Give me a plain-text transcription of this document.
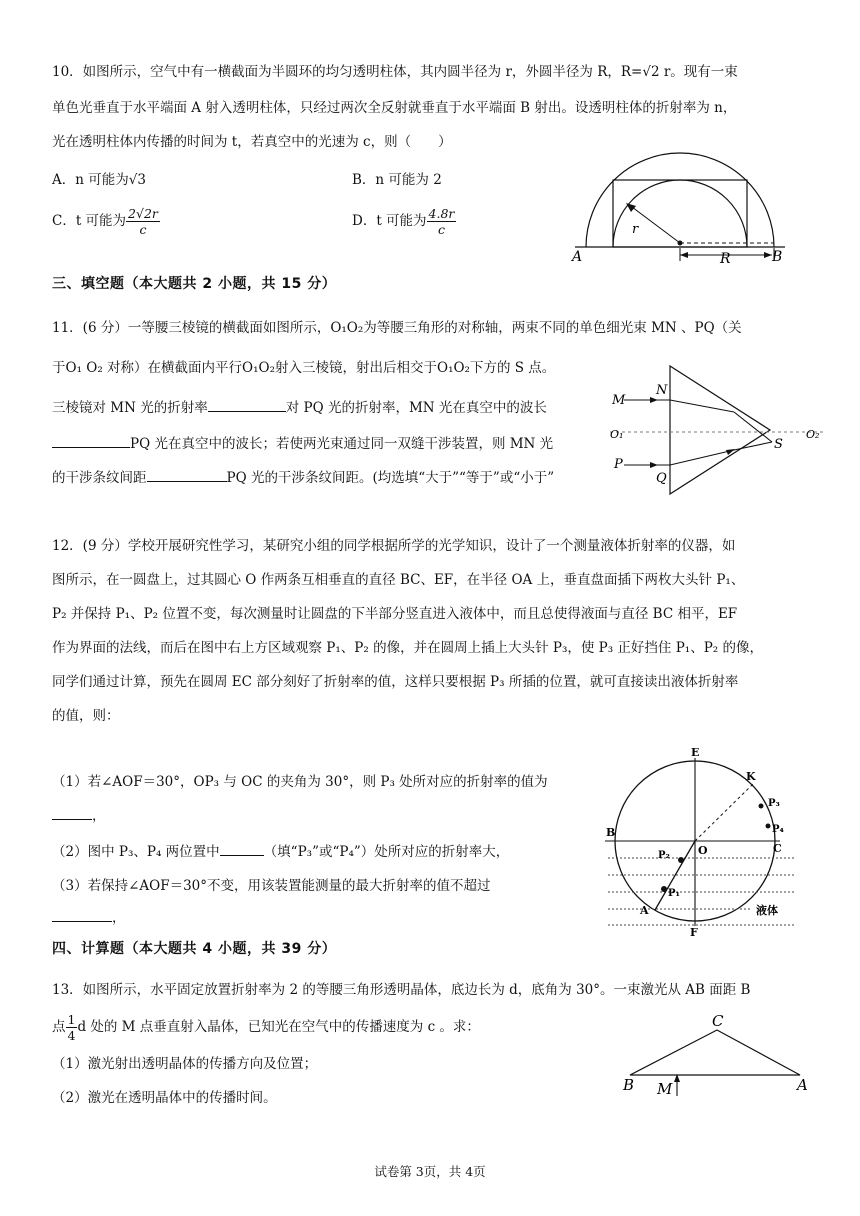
10．如图所示，空气中有一横截面为半圆环的均匀透明柱体，其内圆半径为 r，外圆半径为 R，R=√2 r。现有一束
单色光垂直于水平端面 A 射入透明柱体，只经过两次全反射就垂直于水平端面 B 射出。设透明柱体的折射率为 n，
光在透明柱体内传播的时间为 t，若真空中的光速为 c，则（　　）
A．n 可能为√3	B．n 可能为 2
C．t 可能为 $\frac{2√2r}{c}$	D．t 可能为 $\frac{4.8r}{c}$
A	B
r
R
三、填空题（本大题共 2 小题，共 15 分）
11．(6 分）一等腰三棱镜的横截面如图所示，O₁O₂为等腰三角形的对称轴，两束不同的单色细光束 MN 、PQ（关
于O₁ O₂ 对称）在横截面内平行O₁O₂射入三棱镜，射出后相交于O₁O₂下方的 S 点。
三棱镜对 MN 光的折射率	对 PQ 光的折射率，MN 光在真空中的波长
PQ 光在真空中的波长；若使两光束通过同一双缝干涉装置，则 MN 光
的干涉条纹间距	PQ 光的干涉条纹间距。(均选填“大于”“等于”或“小于”
M
N
O₁	O₂
P
Q
S
12．(9 分）学校开展研究性学习，某研究小组的同学根据所学的光学知识，设计了一个测量液体折射率的仪器，如
图所示，在一圆盘上，过其圆心 O 作两条互相垂直的直径 BC、EF，在半径 OA 上，垂直盘面插下两枚大头针 P₁、
P₂ 并保持 P₁、P₂ 位置不变，每次测量时让圆盘的下半部分竖直进入液体中，而且总使得液面与直径 BC 相平，EF
作为界面的法线，而后在图中右上方区域观察 P₁、P₂ 的像，并在圆周上插上大头针 P₃，使 P₃ 正好挡住 P₁、P₂ 的像，
同学们通过计算，预先在圆周 EC 部分刻好了折射率的值，这样只要根据 P₃ 所插的位置，就可直接读出液体折射率
的值，则：
（1）若∠AOF＝30°，OP₃ 与 OC 的夹角为 30°，则 P₃ 处所对应的折射率的值为
，
（2）图中 P₃、P₄ 两位置中	（填“P₃”或“P₄”）处所对应的折射率大，
（3）若保持∠AOF＝30°不变，用该装置能测量的最大折射率的值不超过
，
E
K
P₃
P₄
B
O	C
P₂
P₁
A
F
液体
四、计算题（本大题共 4 小题，共 39 分）
13．如图所示，水平固定放置折射率为 2 的等腰三角形透明晶体，底边长为 d，底角为 30°。一束激光从 AB 面距 B
点 $\frac{1}{4}$ d 处的 M 点垂直射入晶体，已知光在空气中的传播速度为 c 。求：
（1）激光射出透明晶体的传播方向及位置；
（2）激光在透明晶体中的传播时间。
C
B M	A
试卷第 3页，共 4页
